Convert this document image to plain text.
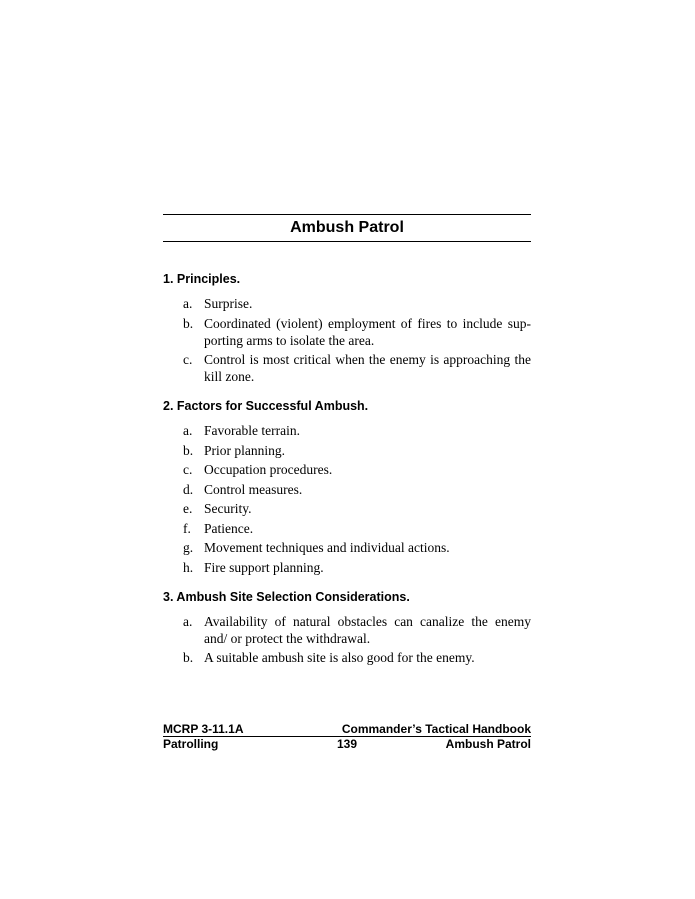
Ambush Patrol
1. Principles.
a. Surprise.
b. Coordinated (violent) employment of fires to include sup- porting arms to isolate the area.
c. Control is most critical when the enemy is approaching the kill zone.
2. Factors for Successful Ambush.
a. Favorable terrain.
b. Prior planning.
c. Occupation procedures.
d. Control measures.
e. Security.
f. Patience.
g. Movement techniques and individual actions.
h. Fire support planning.
3. Ambush Site Selection Considerations.
a. Availability of natural obstacles can canalize the enemy and/ or protect the withdrawal.
b. A suitable ambush site is also good for the enemy.
MCRP 3-11.1A	Commander’s Tactical Handbook
Patrolling	139	Ambush Patrol
